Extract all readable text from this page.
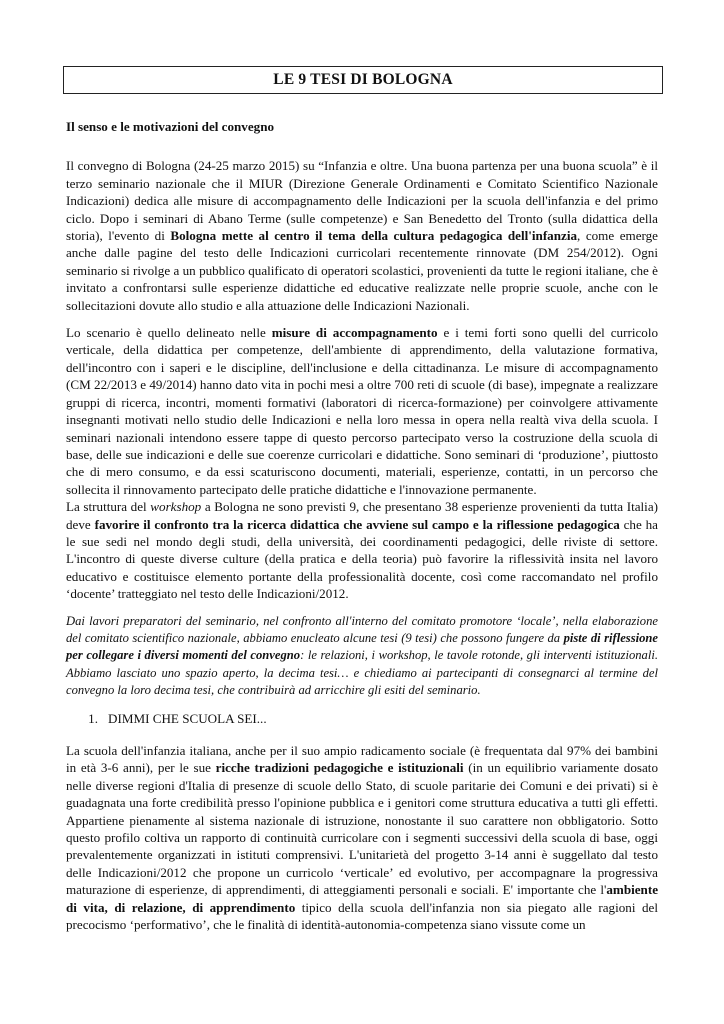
LE 9 TESI DI BOLOGNA

Il senso e le motivazioni del convegno

Il convegno di Bologna (24-25 marzo 2015) su “Infanzia e oltre. Una buona partenza per una buona scuola” è il terzo seminario nazionale che il MIUR (Direzione Generale Ordinamenti e Comitato Scientifico Nazionale Indicazioni) dedica alle misure di accompagnamento delle Indicazioni per la scuola dell'infanzia e del primo ciclo. Dopo i seminari di Abano Terme (sulle competenze) e San Benedetto del Tronto (sulla didattica della storia), l'evento di Bologna mette al centro il tema della cultura pedagogica dell'infanzia, come emerge anche dalle pagine del testo delle Indicazioni curricolari recentemente rinnovate (DM 254/2012). Ogni seminario si rivolge a un pubblico qualificato di operatori scolastici, provenienti da tutte le regioni italiane, che è invitato a confrontarsi sulle esperienze didattiche ed educative realizzate nelle proprie scuole, anche con le sollecitazioni dovute allo studio e alla attuazione delle Indicazioni Nazionali.

Lo scenario è quello delineato nelle misure di accompagnamento e i temi forti sono quelli del curricolo verticale, della didattica per competenze, dell'ambiente di apprendimento, della valutazione formativa, dell'incontro con i saperi e le discipline, dell'inclusione e della cittadinanza. Le misure di accompagnamento (CM 22/2013 e 49/2014) hanno dato vita in pochi mesi a oltre 700 reti di scuole (di base), impegnate a realizzare gruppi di ricerca, incontri, momenti formativi (laboratori di ricerca-formazione) per coinvolgere attivamente insegnanti motivati nello studio delle Indicazioni e nella loro messa in opera nella realtà viva della scuola. I seminari nazionali intendono essere tappe di questo percorso partecipato verso la costruzione della scuola di base, delle sue indicazioni e delle sue coerenze curricolari e didattiche. Sono seminari di ‘produzione’, piuttosto che di mero consumo, e da essi scaturiscono documenti, materiali, esperienze, contatti, in un percorso che sollecita il rinnovamento partecipato delle pratiche didattiche e l'innovazione permanente.

La struttura del workshop a Bologna ne sono previsti 9, che presentano 38 esperienze provenienti da tutta Italia) deve favorire il confronto tra la ricerca didattica che avviene sul campo e la riflessione pedagogica che ha le sue sedi nel mondo degli studi, della università, dei coordinamenti pedagogici, delle riviste di settore. L'incontro di queste diverse culture (della pratica e della teoria) può favorire la riflessività insita nel lavoro educativo e costituisce elemento portante della professionalità docente, così come raccomandato nel profilo ‘docente’ tratteggiato nel testo delle Indicazioni/2012.

Dai lavori preparatori del seminario, nel confronto all'interno del comitato promotore ‘locale’, nella elaborazione del comitato scientifico nazionale, abbiamo enucleato alcune tesi (9 tesi) che possono fungere da piste di riflessione per collegare i diversi momenti del convegno: le relazioni, i workshop, le tavole rotonde, gli interventi istituzionali. Abbiamo lasciato uno spazio aperto, la decima tesi… e chiediamo ai partecipanti di consegnarci al termine del convegno la loro decima tesi, che contribuirà ad arricchire gli esiti del seminario.

1. DIMMI CHE SCUOLA SEI...

La scuola dell'infanzia italiana, anche per il suo ampio radicamento sociale (è frequentata dal 97% dei bambini in età 3-6 anni), per le sue ricche tradizioni pedagogiche e istituzionali (in un equilibrio variamente dosato nelle diverse regioni d'Italia di presenze di scuole dello Stato, di scuole paritarie dei Comuni e dei privati) si è guadagnata una forte credibilità presso l'opinione pubblica e i genitori come struttura educativa a tutti gli effetti. Appartiene pienamente al sistema nazionale di istruzione, nonostante il suo carattere non obbligatorio. Sotto questo profilo coltiva un rapporto di continuità curricolare con i segmenti successivi della scuola di base, oggi prevalentemente organizzati in istituti comprensivi. L'unitarietà del progetto 3-14 anni è suggellato dal testo delle Indicazioni/2012 che propone un curricolo ‘verticale’ ed evolutivo, per accompagnare la progressiva maturazione di esperienze, di apprendimenti, di atteggiamenti personali e sociali. E' importante che l'ambiente di vita, di relazione, di apprendimento tipico della scuola dell'infanzia non sia piegato alle ragioni del precocismo ‘performativo’, che le finalità di identità-autonomia-competenza siano vissute come un
